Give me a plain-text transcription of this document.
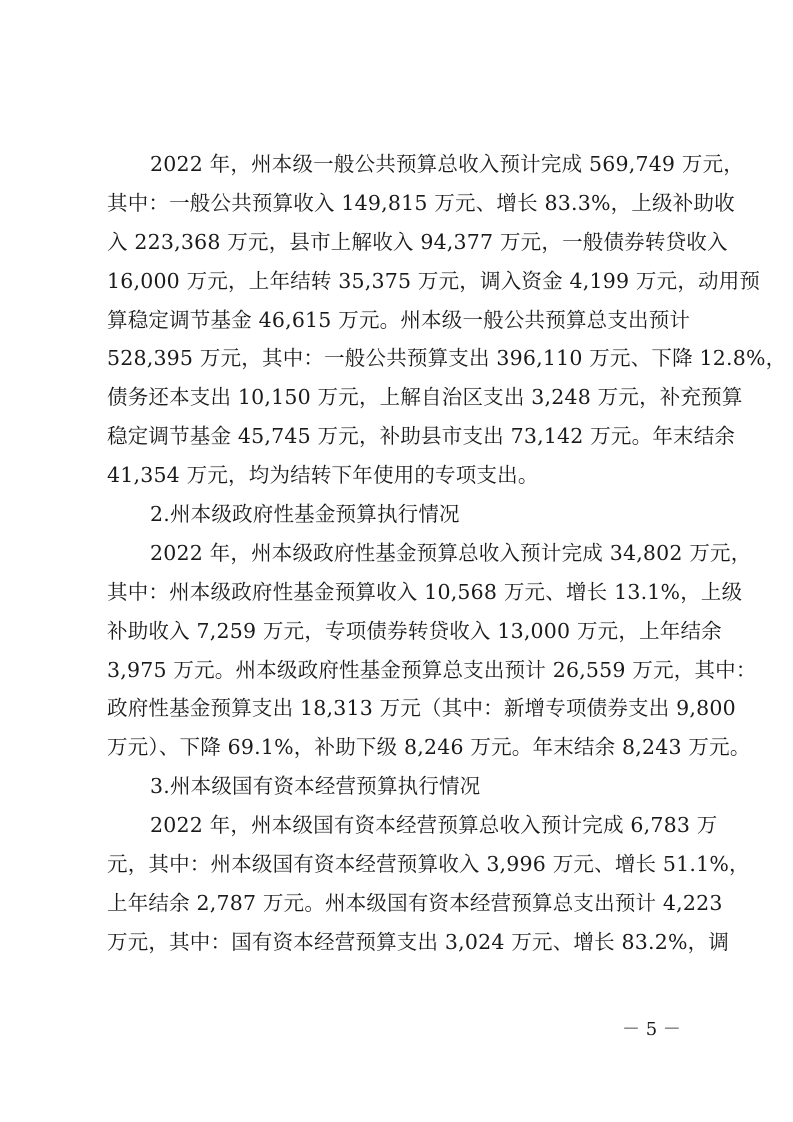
2022 年，州本级一般公共预算总收入预计完成 569,749 万元，
其中：一般公共预算收入 149,815 万元、增长 83.3%，上级补助收
入 223,368 万元，县市上解收入 94,377 万元，一般债券转贷收入
16,000 万元，上年结转 35,375 万元，调入资金 4,199 万元，动用预
算稳定调节基金 46,615 万元。州本级一般公共预算总支出预计
528,395 万元，其中：一般公共预算支出 396,110 万元、下降 12.8%，
债务还本支出 10,150 万元，上解自治区支出 3,248 万元，补充预算
稳定调节基金 45,745 万元，补助县市支出 73,142 万元。年末结余
41,354 万元，均为结转下年使用的专项支出。
2.州本级政府性基金预算执行情况
2022 年，州本级政府性基金预算总收入预计完成 34,802 万元，
其中：州本级政府性基金预算收入 10,568 万元、增长 13.1%，上级
补助收入 7,259 万元，专项债券转贷收入 13,000 万元，上年结余
3,975 万元。州本级政府性基金预算总支出预计 26,559 万元，其中：
政府性基金预算支出 18,313 万元（其中：新增专项债券支出 9,800
万元）、下降 69.1%，补助下级 8,246 万元。年末结余 8,243 万元。
3.州本级国有资本经营预算执行情况
2022 年，州本级国有资本经营预算总收入预计完成 6,783 万
元，其中：州本级国有资本经营预算收入 3,996 万元、增长 51.1%，
上年结余 2,787 万元。州本级国有资本经营预算总支出预计 4,223
万元，其中：国有资本经营预算支出 3,024 万元、增长 83.2%，调
－ 5 －
